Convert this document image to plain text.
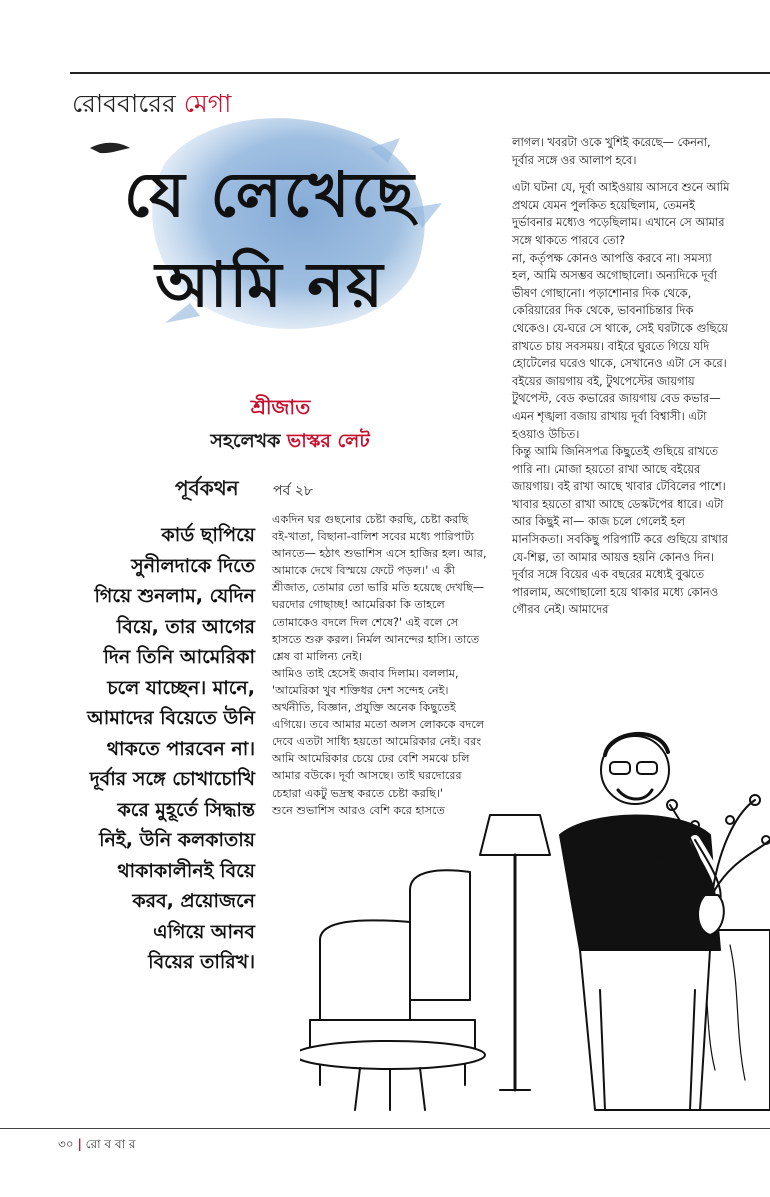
রোববারের মেগা
যে লেখেছে
আমি নয়
শ্রীজাত
সহলেখক ভাস্কর লেট
পূর্বকথন পর্ব ২৮
কার্ড ছাপিয়ে
সুনীলদাকে দিতে
গিয়ে শুনলাম, যেদিন
বিয়ে, তার আগের
দিন তিনি আমেরিকা
চলে যাচ্ছেন। মানে,
আমাদের বিয়েতে উনি
থাকতে পারবেন না।
দূর্বার সঙ্গে চোখাচোখি
করে মুহূর্তে সিদ্ধান্ত
নিই, উনি কলকাতায়
থাকাকালীনই বিয়ে
করব, প্রয়োজনে
এগিয়ে আনব
বিয়ের তারিখ।

একদিন ঘর গুছনোর চেষ্টা করছি, চেষ্টা করছি বই-খাতা, বিছানা-বালিশ সবের মধ্যে পারিপাট্য আনতে— হঠাৎ শুভাশিস এসে হাজির হল। আর, আমাকে দেখে বিস্ময়ে ফেটে পড়ল।' এ কী শ্রীজাত, তোমার তো ভারি মতি হয়েছে দেখছি— ঘরদোর গোছাচ্ছ! আমেরিকা কি তাহলে তোমাকেও বদলে দিল শেষে?' এই বলে সে হাসতে শুরু করল। নির্মল আনন্দের হাসি। তাতে শ্লেষ বা মালিন্য নেই।

আমিও তাই হেসেই জবাব দিলাম। বললাম, 'আমেরিকা খুব শক্তিধর দেশ সন্দেহ নেই। অর্থনীতি, বিজ্ঞান, প্রযুক্তি অনেক কিছুতেই এগিয়ে। তবে আমার মতো অলস লোককে বদলে দেবে এতটা সাধ্যি হয়তো আমেরিকার নেই। বরং আমি আমেরিকার চেয়ে ঢের বেশি সমঝে চলি আমার বউকে। দূর্বা আসছে। তাই ঘরদোরের চেহারা একটু ভদ্রস্থ করতে চেষ্টা করছি।'

শুনে শুভাশিস আরও বেশি করে হাসতে

লাগল। খবরটা ওকে খুশিই করেছে— কেননা, দূর্বার সঙ্গে ওর আলাপ হবে।

এটা ঘটনা যে, দূর্বা আইওয়ায় আসবে শুনে আমি প্রথমে যেমন পুলকিত হয়েছিলাম, তেমনই দুর্ভাবনার মধ্যেও পড়েছিলাম। এখানে সে আমার সঙ্গে থাকতে পারবে তো?

না, কর্তৃপক্ষ কোনও আপত্তি করবে না। সমস্যা হল, আমি অসম্ভব অগোছালো। অন্যদিকে দূর্বা ভীষণ গোছানো। পড়াশোনার দিক থেকে, কেরিয়ারের দিক থেকে, ভাবনাচিন্তার দিক থেকেও। যে-ঘরে সে থাকে, সেই ঘরটাকে গুছিয়ে রাখতে চায় সবসময়। বাইরে ঘুরতে গিয়ে যদি হোটেলের ঘরেও থাকে, সেখানেও এটা সে করে। বইয়ের জায়গায় বই, টুথপেস্টের জায়গায় টুথপেস্ট, বেড কভারের জায়গায় বেড কভার— এমন শৃঙ্খলা বজায় রাখায় দূর্বা বিশ্বাসী। এটা হওয়াও উচিত।

কিন্তু আমি জিনিসপত্র কিছুতেই গুছিয়ে রাখতে পারি না। মোজা হয়তো রাখা আছে বইয়ের জায়গায়। বই রাখা আছে খাবার টেবিলের পাশে। খাবার হয়তো রাখা আছে ডেস্কটপের ধারে। এটা আর কিছুই না— কাজ চলে গেলেই হল মানসিকতা। সবকিছু পরিপাটি করে গুছিয়ে রাখার যে-শিল্প, তা আমার আয়ত্ত হয়নি কোনও দিন।

দূর্বার সঙ্গে বিয়ের এক বছরের মধ্যেই বুঝতে পারলাম, অগোছালো হয়ে থাকার মধ্যে কোনও গৌরব নেই। আমাদের

৩০ | রো ব বা র
